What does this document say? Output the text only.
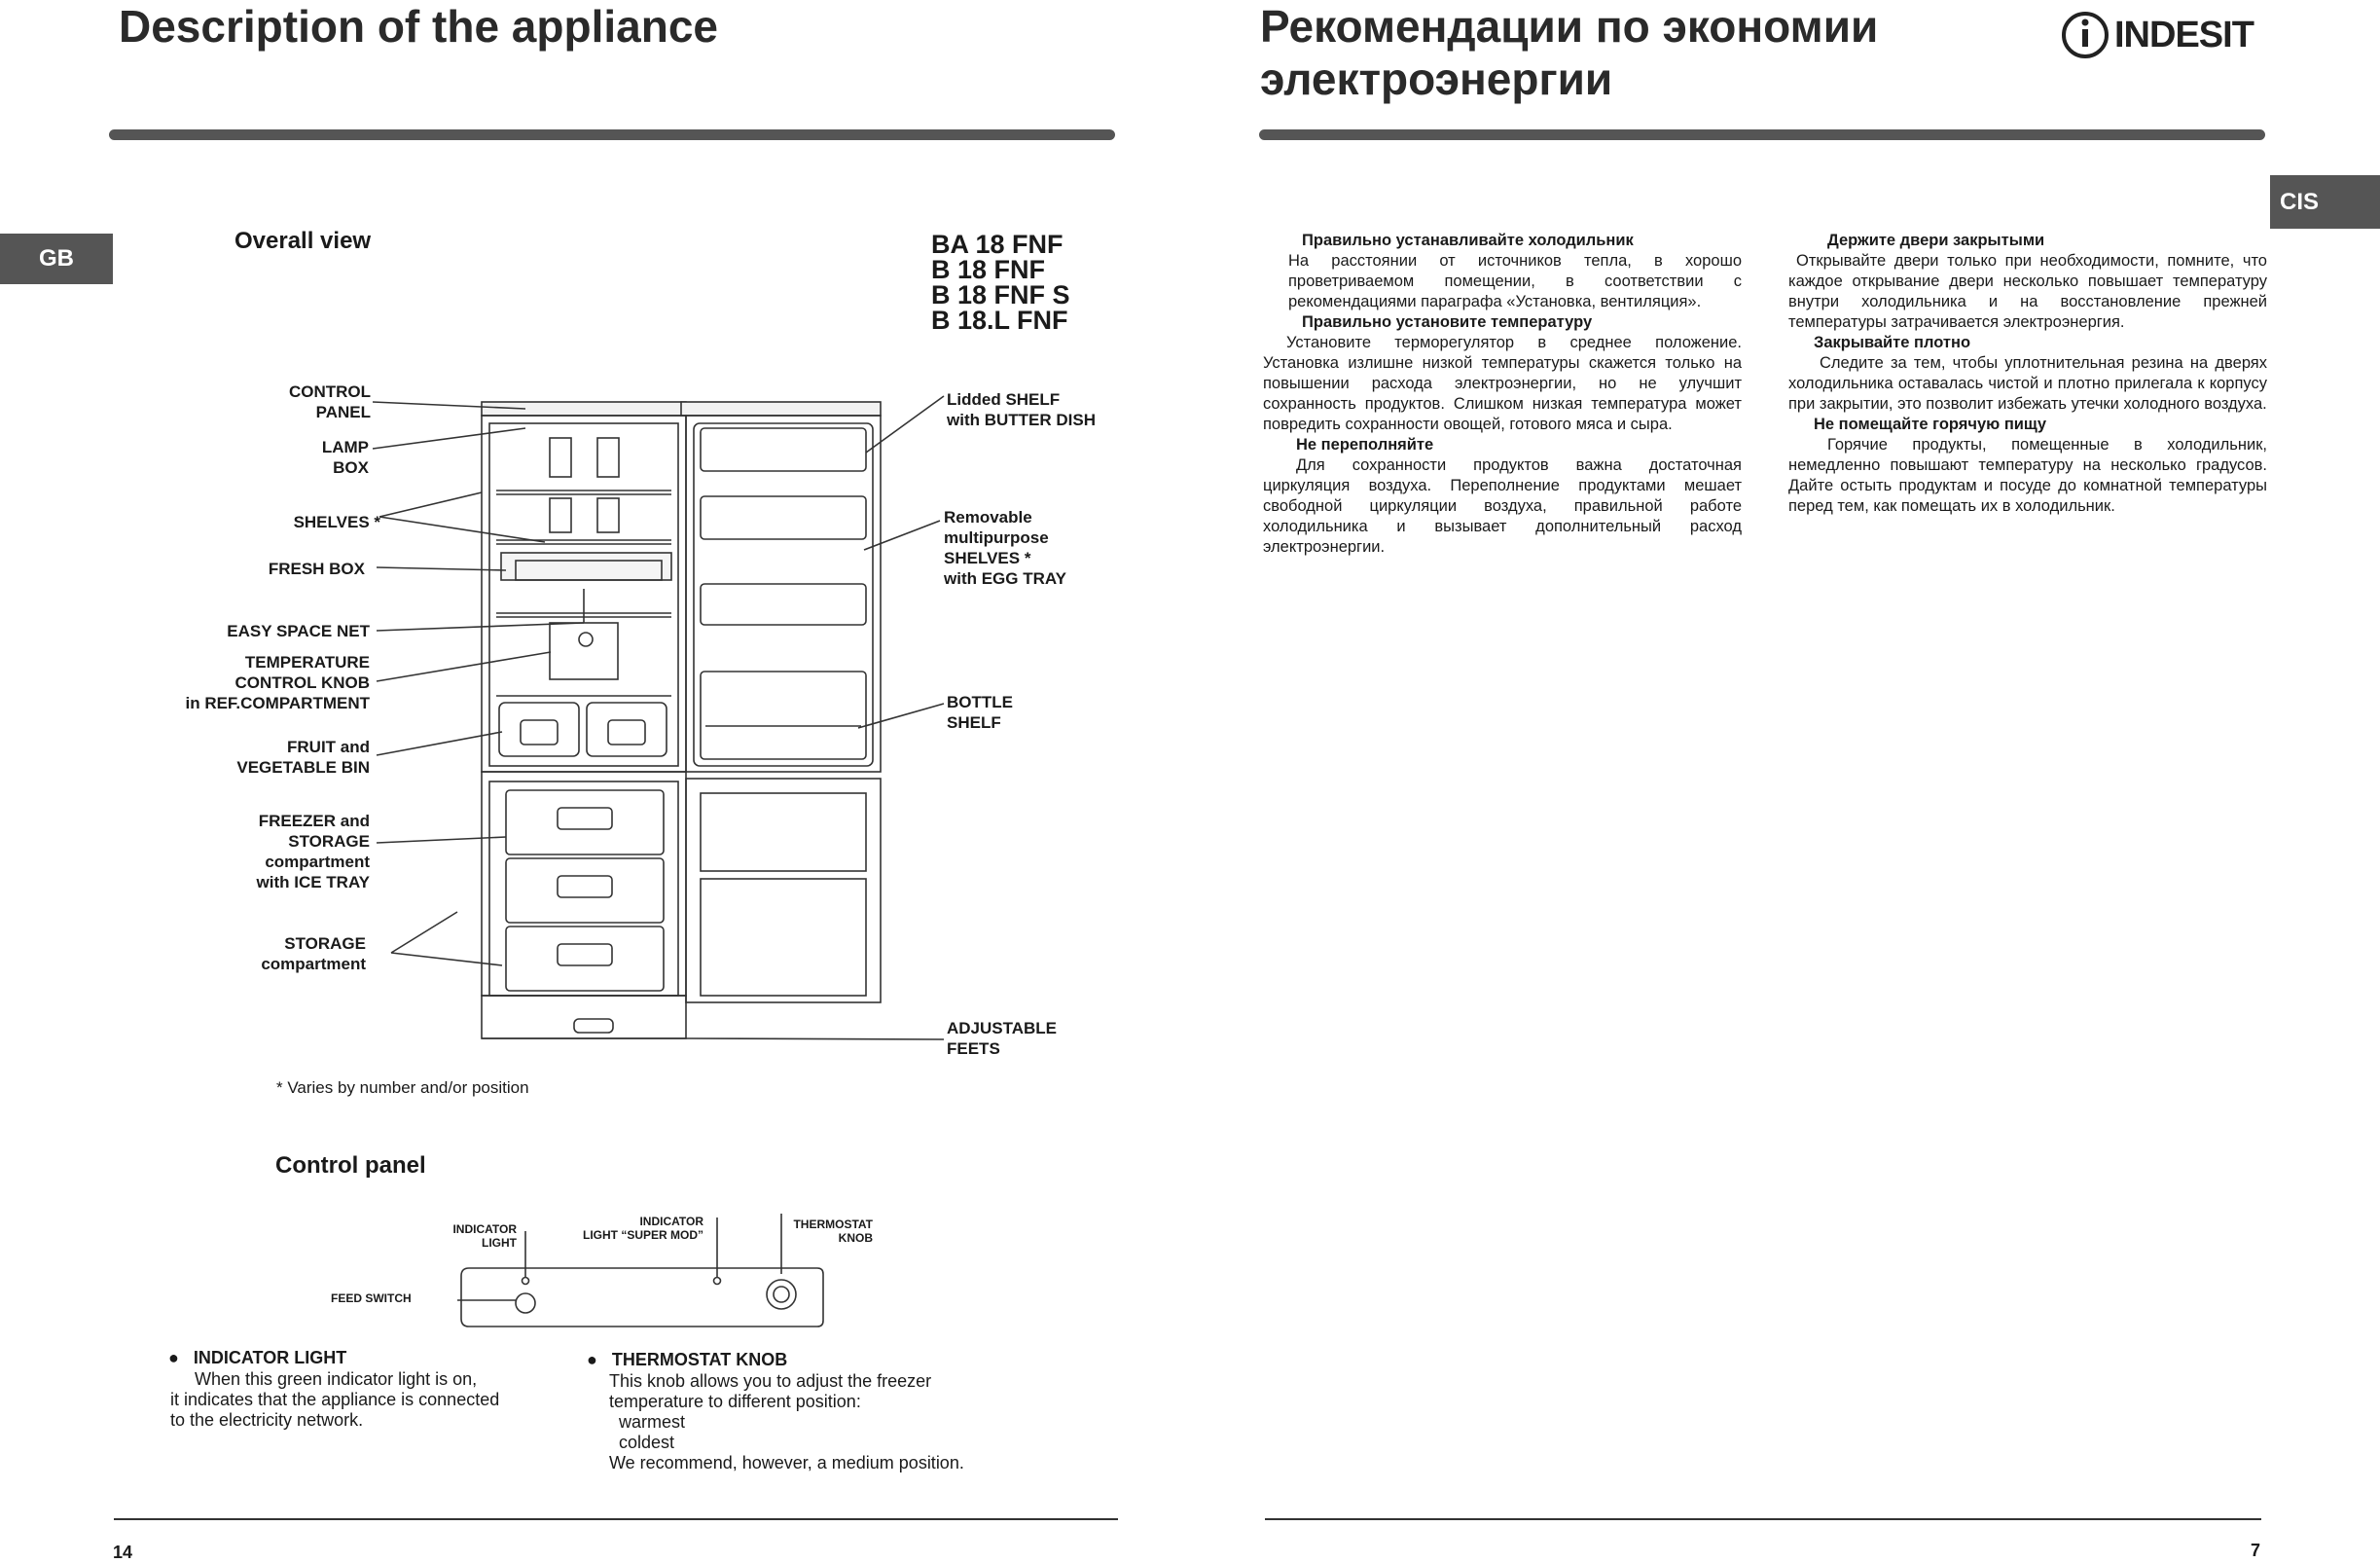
Description of the appliance
GB
Overall view	BA 18 FNF
B 18 FNF
B 18 FNF S
B 18.L FNF
CONTROL
PANEL
LAMP
BOX
SHELVES *
FRESH BOX
EASY SPACE NET
TEMPERATURE
CONTROL KNOB
in REF.COMPARTMENT
FRUIT and
VEGETABLE BIN
FREEZER and
STORAGE
compartment
with ICE TRAY
STORAGE
compartment
Lidded SHELF
with BUTTER DISH
Removable
multipurpose
SHELVES *
with EGG TRAY
BOTTLE
SHELF
ADJUSTABLE
FEETS
* Varies by number and/or position
Control panel
INDICATOR
LIGHT
INDICATOR
LIGHT “SUPER MOD”
THERMOSTAT
KNOB
FEED SWITCH
●   INDICATOR LIGHT
When this green indicator light is on,
it indicates that the appliance is connected
to the electricity network.
●   THERMOSTAT KNOB
This knob allows you to adjust the freezer
temperature to different position:
warmest
coldest
We recommend, however, a medium position.
14
Рекомендации по экономии
электроэнергии
INDESIT
CIS

Правильно устанавливайте холодильник

На расстоянии от источников тепла, в хорошо проветриваемом помещении, в соответствии с рекомендациями параграфа «Установка, вентиляция».

Правильно установите температуру

Установите терморегулятор в среднее положение. Установка излишне низкой температуры скажется только на повышении расхода электроэнергии, но не улучшит сохранность продуктов. Слишком низкая температура может повредить сохранности овощей, готового мяса и сыра.

Не переполняйте

Для сохранности продуктов важна достаточная циркуляция воздуха. Переполнение продуктами мешает свободной циркуляции воздуха, правильной работе холодильника и вызывает дополнительный расход электроэнергии.

Держите двери закрытыми

Открывайте двери только при необходимости, помните, что каждое открывание двери несколько повышает температуру внутри холодильника и на восстановление прежней температуры затрачивается электроэнергия.

Закрывайте плотно

Следите за тем, чтобы уплотнительная резина на дверях холодильника оставалась чистой и плотно прилегала к корпусу при закрытии, это позволит избежать утечки холодного воздуха.

Не помещайте горячую пищу

Горячие продукты, помещенные в холодильник, немедленно повышают температуру на несколько градусов. Дайте остыть продуктам и посуде до комнатной температуры перед тем, как помещать их в холодильник.

7
